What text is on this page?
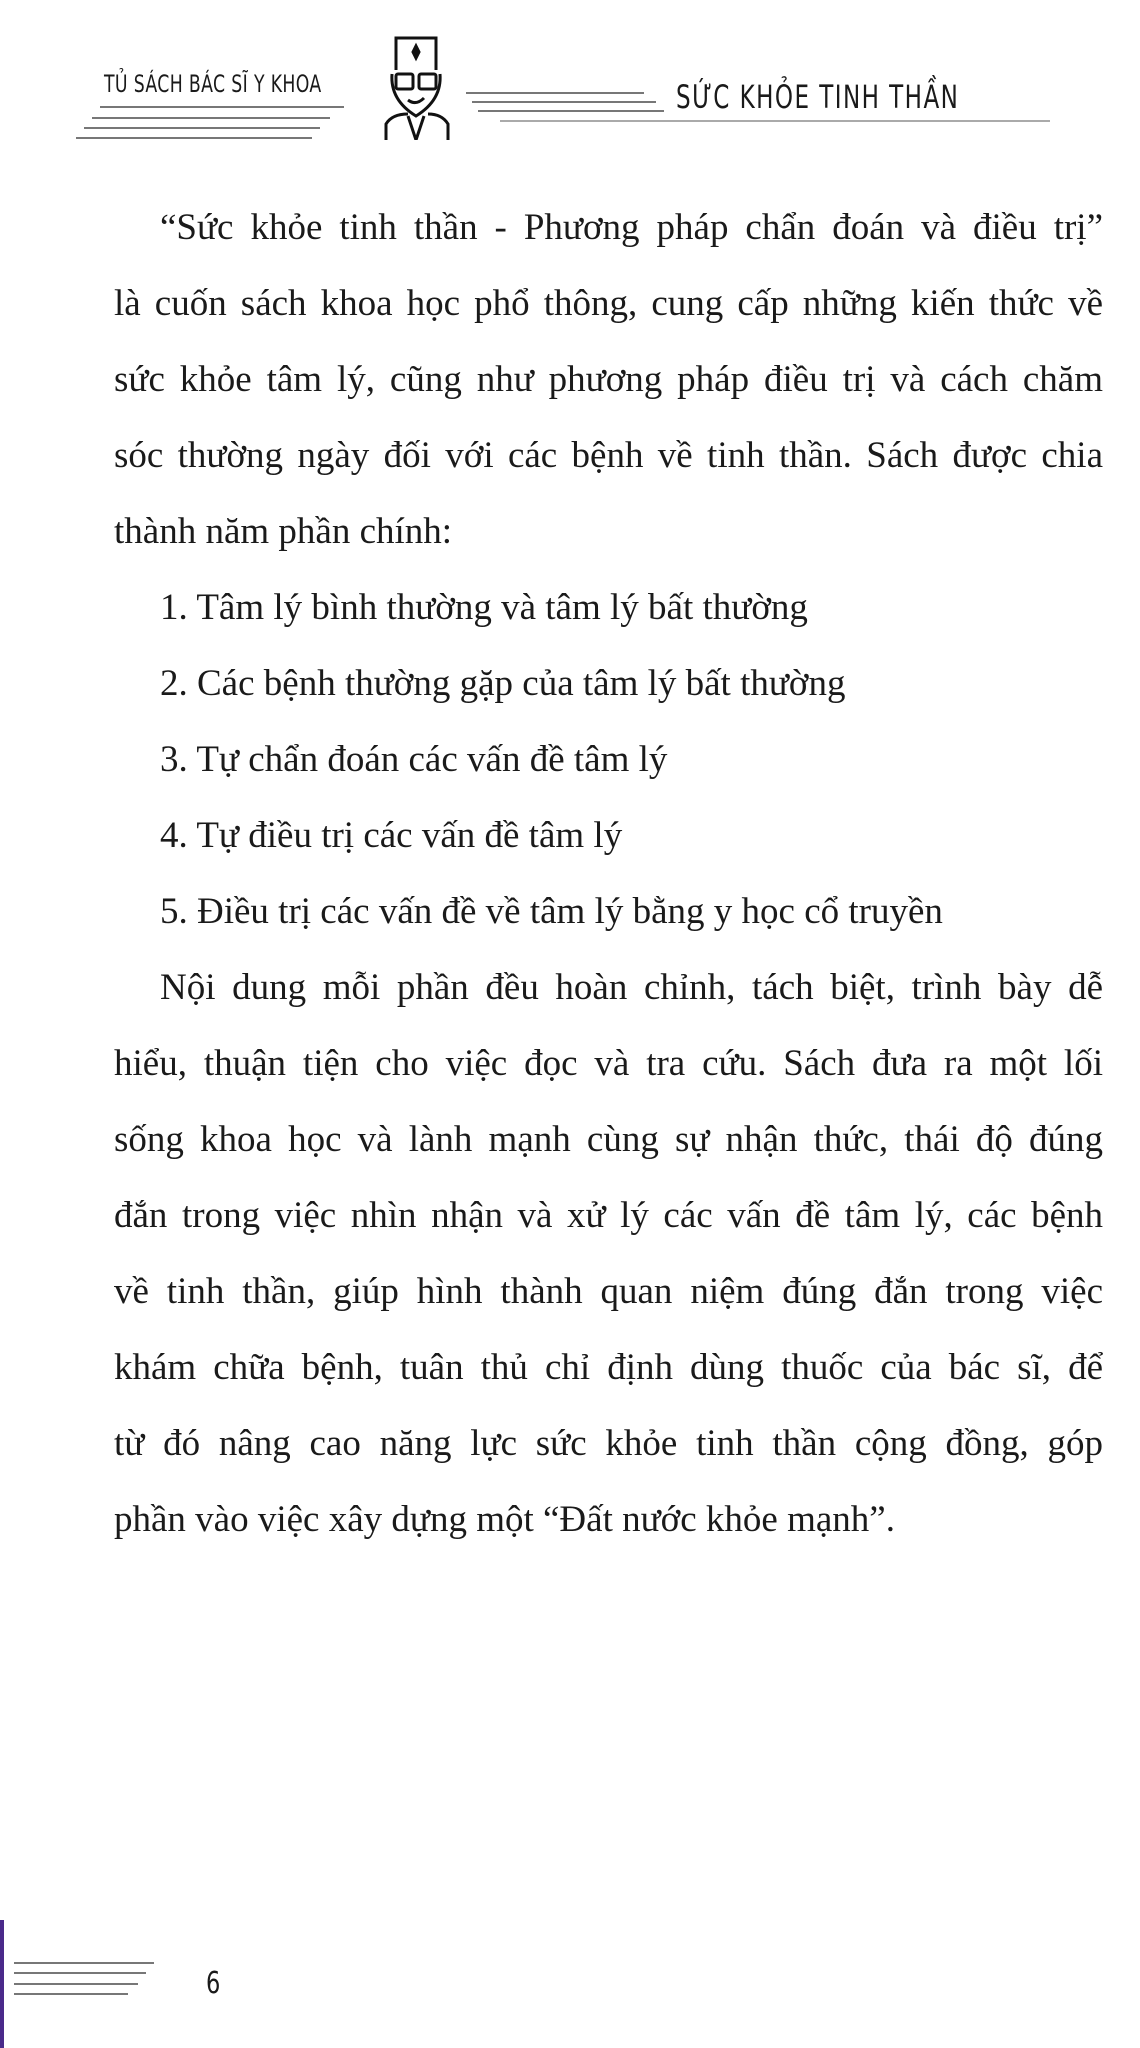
TỦ SÁCH BÁC SĨ Y KHOA	SỨC KHỎE TINH THẦN
“Sức khỏe tinh thần - Phương pháp chẩn đoán và điều trị”
là cuốn sách khoa học phổ thông, cung cấp những kiến thức về
sức khỏe tâm lý, cũng như phương pháp điều trị và cách chăm
sóc thường ngày đối với các bệnh về tinh thần. Sách được chia
thành năm phần chính:
1. Tâm lý bình thường và tâm lý bất thường
2. Các bệnh thường gặp của tâm lý bất thường
3. Tự chẩn đoán các vấn đề tâm lý
4. Tự điều trị các vấn đề tâm lý
5. Điều trị các vấn đề về tâm lý bằng y học cổ truyền
Nội dung mỗi phần đều hoàn chỉnh, tách biệt, trình bày dễ
hiểu, thuận tiện cho việc đọc và tra cứu. Sách đưa ra một lối
sống khoa học và lành mạnh cùng sự nhận thức, thái độ đúng
đắn trong việc nhìn nhận và xử lý các vấn đề tâm lý, các bệnh
về tinh thần, giúp hình thành quan niệm đúng đắn trong việc
khám chữa bệnh, tuân thủ chỉ định dùng thuốc của bác sĩ, để
từ đó nâng cao năng lực sức khỏe tinh thần cộng đồng, góp
phần vào việc xây dựng một “Đất nước khỏe mạnh”.
6
